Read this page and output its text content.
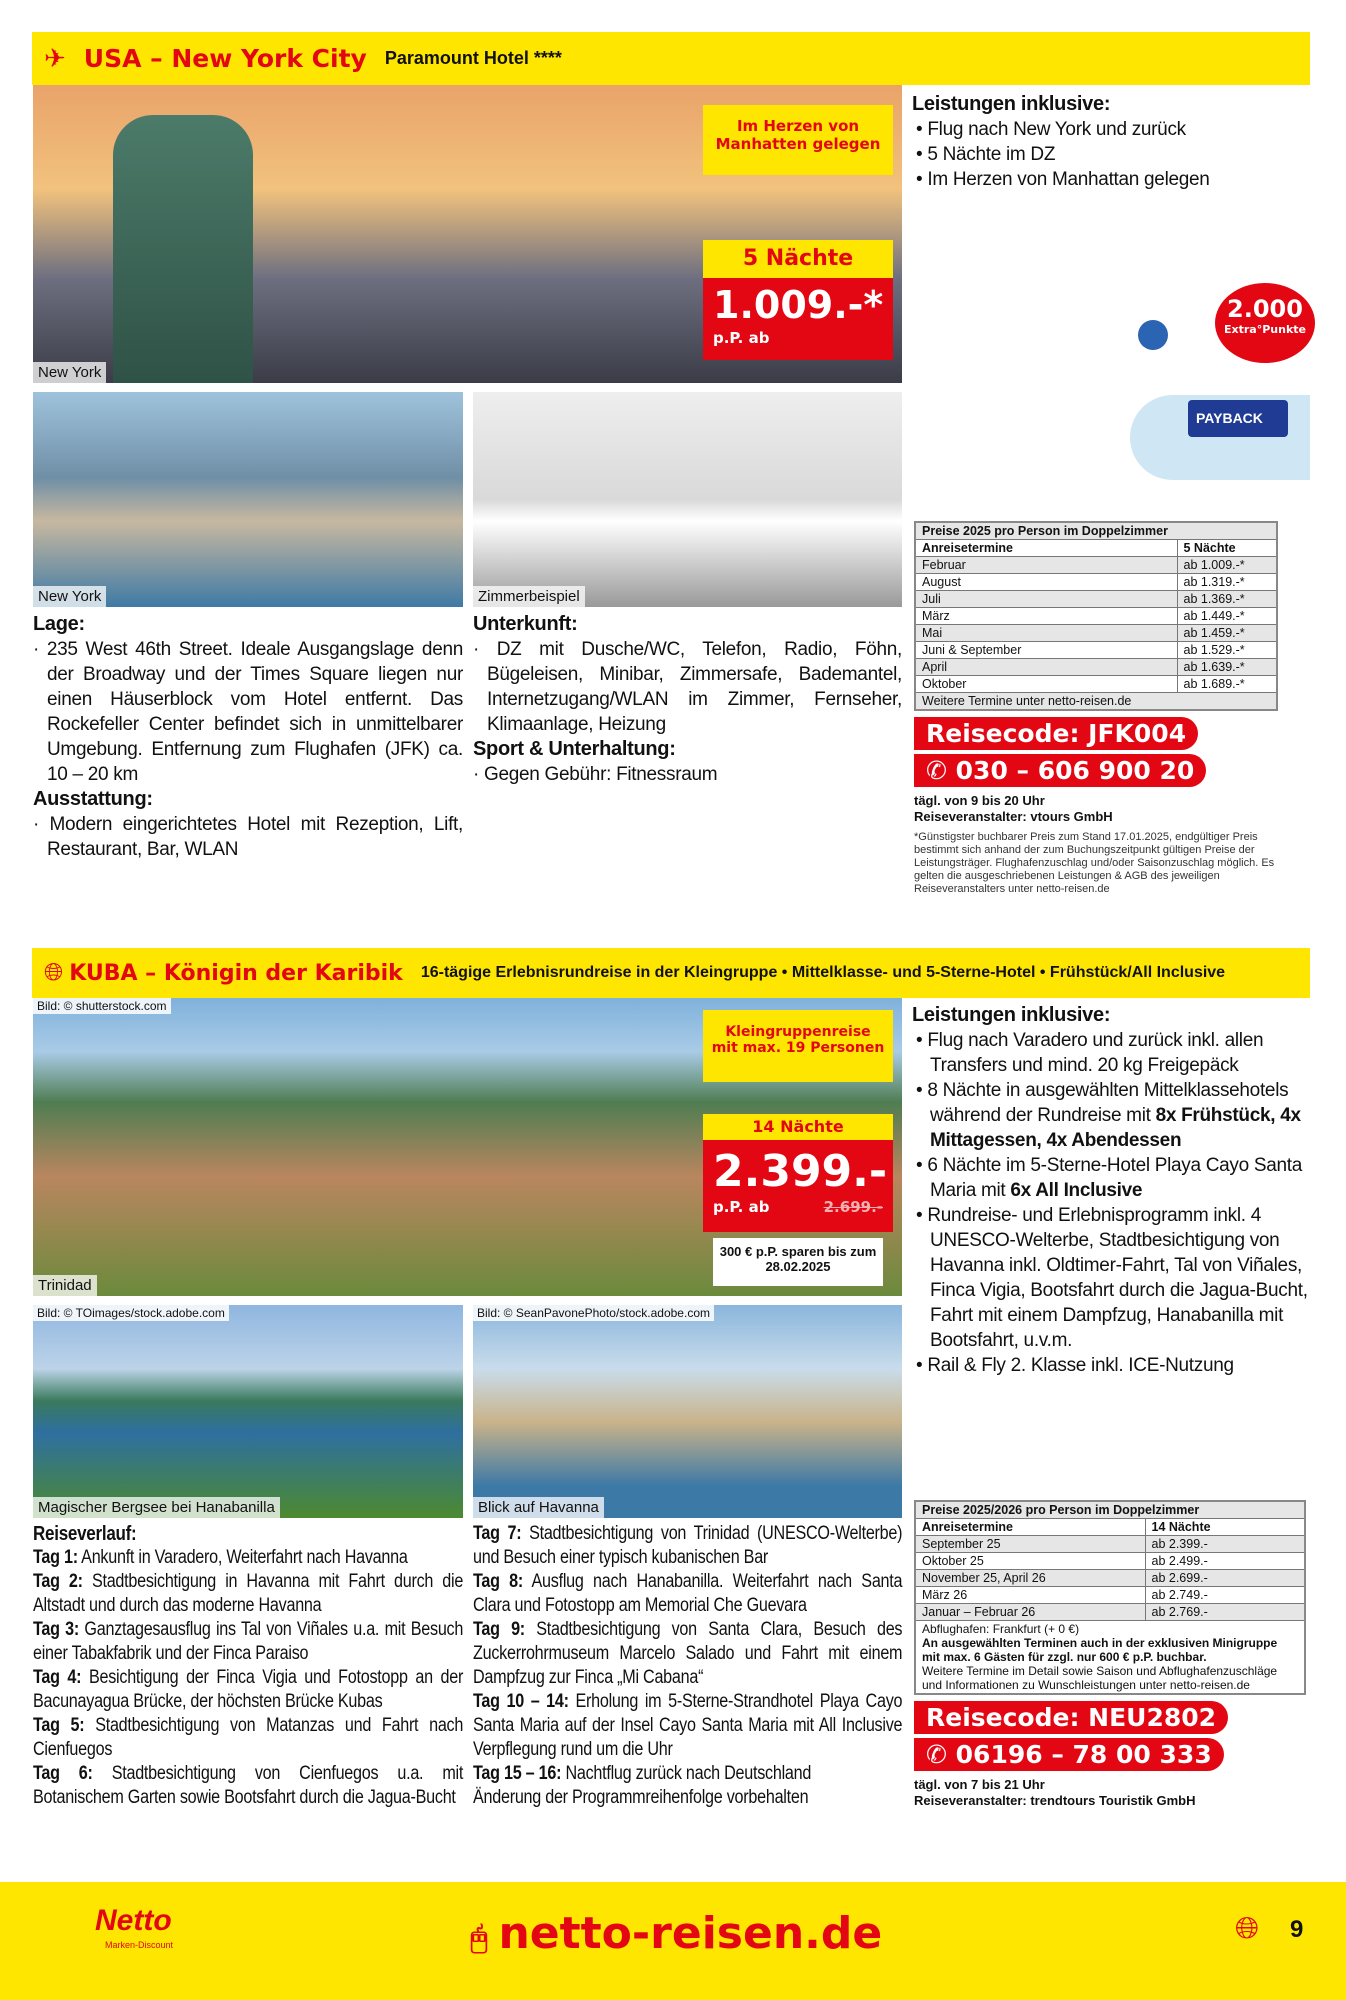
✈ USA – New York City Paramount Hotel ****
New York
Im Herzen von Manhatten gelegen
5 Nächte
1.009.-*
p.P. ab
Leistungen inklusive:
• Flug nach New York und zurück
• 5 Nächte im DZ
• Im Herzen von Manhattan gelegen
2.000
Extra°Punkte
PAYBACK
New York	Zimmerbeispiel
Lage:

· 235 West 46th Street. Ideale Ausgangslage denn der Broadway und der Times Square liegen nur einen Häuserblock vom Hotel entfernt. Das Rockefeller Center befindet sich in unmittelbarer Umgebung. Entfernung zum Flughafen (JFK) ca. 10 – 20 km

Ausstattung:

· Modern eingerichtetes Hotel mit Rezeption, Lift, Restaurant, Bar, WLAN

Unterkunft:

· DZ mit Dusche/WC, Telefon, Radio, Föhn, Bügeleisen, Minibar, Zimmersafe, Bademantel, Internetzugang/WLAN im Zimmer, Fernseher, Klimaanlage, Heizung

Sport & Unterhaltung:

· Gegen Gebühr: Fitnessraum

Preise 2025 pro Person im Doppelzimmer	
Anreisetermine	5 Nächte
Februar	ab 1.009.-*
August	ab 1.319.-*
Juli	ab 1.369.-*
März	ab 1.449.-*
Mai	ab 1.459.-*
Juni & September	ab 1.529.-*
April	ab 1.639.-*
Oktober	ab 1.689.-*
Weitere Termine unter netto-reisen.de	
Reisecode: JFK004
✆ 030 – 606 900 20
tägl. von 9 bis 20 Uhr
Reiseveranstalter: vtours GmbH
*Günstigster buchbarer Preis zum Stand 17.01.2025, endgültiger Preis bestimmt sich anhand der zum Buchungszeitpunkt gültigen Preise der Leistungsträger. Flughafenzuschlag und/oder Saisonzuschlag möglich. Es gelten die ausgeschriebenen Leistungen & AGB des jeweiligen Reiseveranstalters unter netto-reisen.de
🌐︎ KUBA – Königin der Karibik 16-tägige Erlebnisrundreise in der Kleingruppe • Mittelklasse- und 5-Sterne-Hotel • Frühstück/All Inclusive
Bild: © shutterstock.com
Trinidad
Kleingruppenreise mit max. 19 Personen
14 Nächte
2.399.-
p.P. ab	2.699.-
300 € p.P. sparen bis zum 28.02.2025
Leistungen inklusive:
• Flug nach Varadero und zurück inkl. allen Transfers und mind. 20 kg Freigepäck
• 8 Nächte in ausgewählten Mittelklassehotels während der Rundreise mit 8x Frühstück, 4x Mittagessen, 4x Abendessen
• 6 Nächte im 5-Sterne-Hotel Playa Cayo Santa Maria mit 6x All Inclusive
• Rundreise- und Erlebnisprogramm inkl. 4 UNESCO-Welterbe, Stadtbesichtigung von Havanna inkl. Oldtimer-Fahrt, Tal von Viñales, Finca Vigia, Bootsfahrt durch die Jagua-Bucht, Fahrt mit einem Dampfzug, Hanabanilla mit Bootsfahrt, u.v.m.
• Rail & Fly 2. Klasse inkl. ICE-Nutzung
Bild: © TOimages/stock.adobe.com
Magischer Bergsee bei Hanabanilla
Bild: © SeanPavonePhoto/stock.adobe.com
Blick auf Havanna
Reiseverlauf:

Tag 1: Ankunft in Varadero, Weiterfahrt nach Havanna

Tag 2: Stadtbesichtigung in Havanna mit Fahrt durch die Altstadt und durch das moderne Havanna

Tag 3: Ganztagesausflug ins Tal von Viñales u.a. mit Besuch einer Tabakfabrik und der Finca Paraiso

Tag 4: Besichtigung der Finca Vigia und Fotostopp an der Bacunayagua Brücke, der höchsten Brücke Kubas

Tag 5: Stadtbesichtigung von Matanzas und Fahrt nach Cienfuegos

Tag 6: Stadtbesichtigung von Cienfuegos u.a. mit Botanischem Garten sowie Bootsfahrt durch die Jagua-Bucht

Tag 7: Stadtbesichtigung von Trinidad (UNESCO-Welterbe) und Besuch einer typisch kubanischen Bar

Tag 8: Ausflug nach Hanabanilla. Weiterfahrt nach Santa Clara und Fotostopp am Memorial Che Guevara

Tag 9: Stadtbesichtigung von Santa Clara, Besuch des Zuckerrohrmuseum Marcelo Salado und Fahrt mit einem Dampfzug zur Finca „Mi Cabana“

Tag 10 – 14: Erholung im 5-Sterne-Strandhotel Playa Cayo Santa Maria auf der Insel Cayo Santa Maria mit All Inclusive Verpflegung rund um die Uhr

Tag 15 – 16: Nachtflug zurück nach Deutschland

Änderung der Programmreihenfolge vorbehalten

Preise 2025/2026 pro Person im Doppelzimmer	
Anreisetermine	14 Nächte
September 25	ab 2.399.-
Oktober 25	ab 2.499.-
November 25, April 26	ab 2.699.-
März 26	ab 2.749.-
Januar – Februar 26	ab 2.769.-

Abflughafen: Frankfurt (+ 0 €)
An ausgewählten Terminen auch in der exklusiven Minigruppe mit max. 6 Gästen für zzgl. nur 600 € p.P. buchbar.
Weitere Termine im Detail sowie Saison und Abflughafenzuschläge und Informationen zu Wunschleistungen unter netto-reisen.de	
Reisecode: NEU2802
✆ 06196 – 78 00 333
tägl. von 7 bis 21 Uhr
Reiseveranstalter: trendtours Touristik GmbH
Netto
Marken-Discount	🖰︎ netto-reisen.de	🌐︎ 9
